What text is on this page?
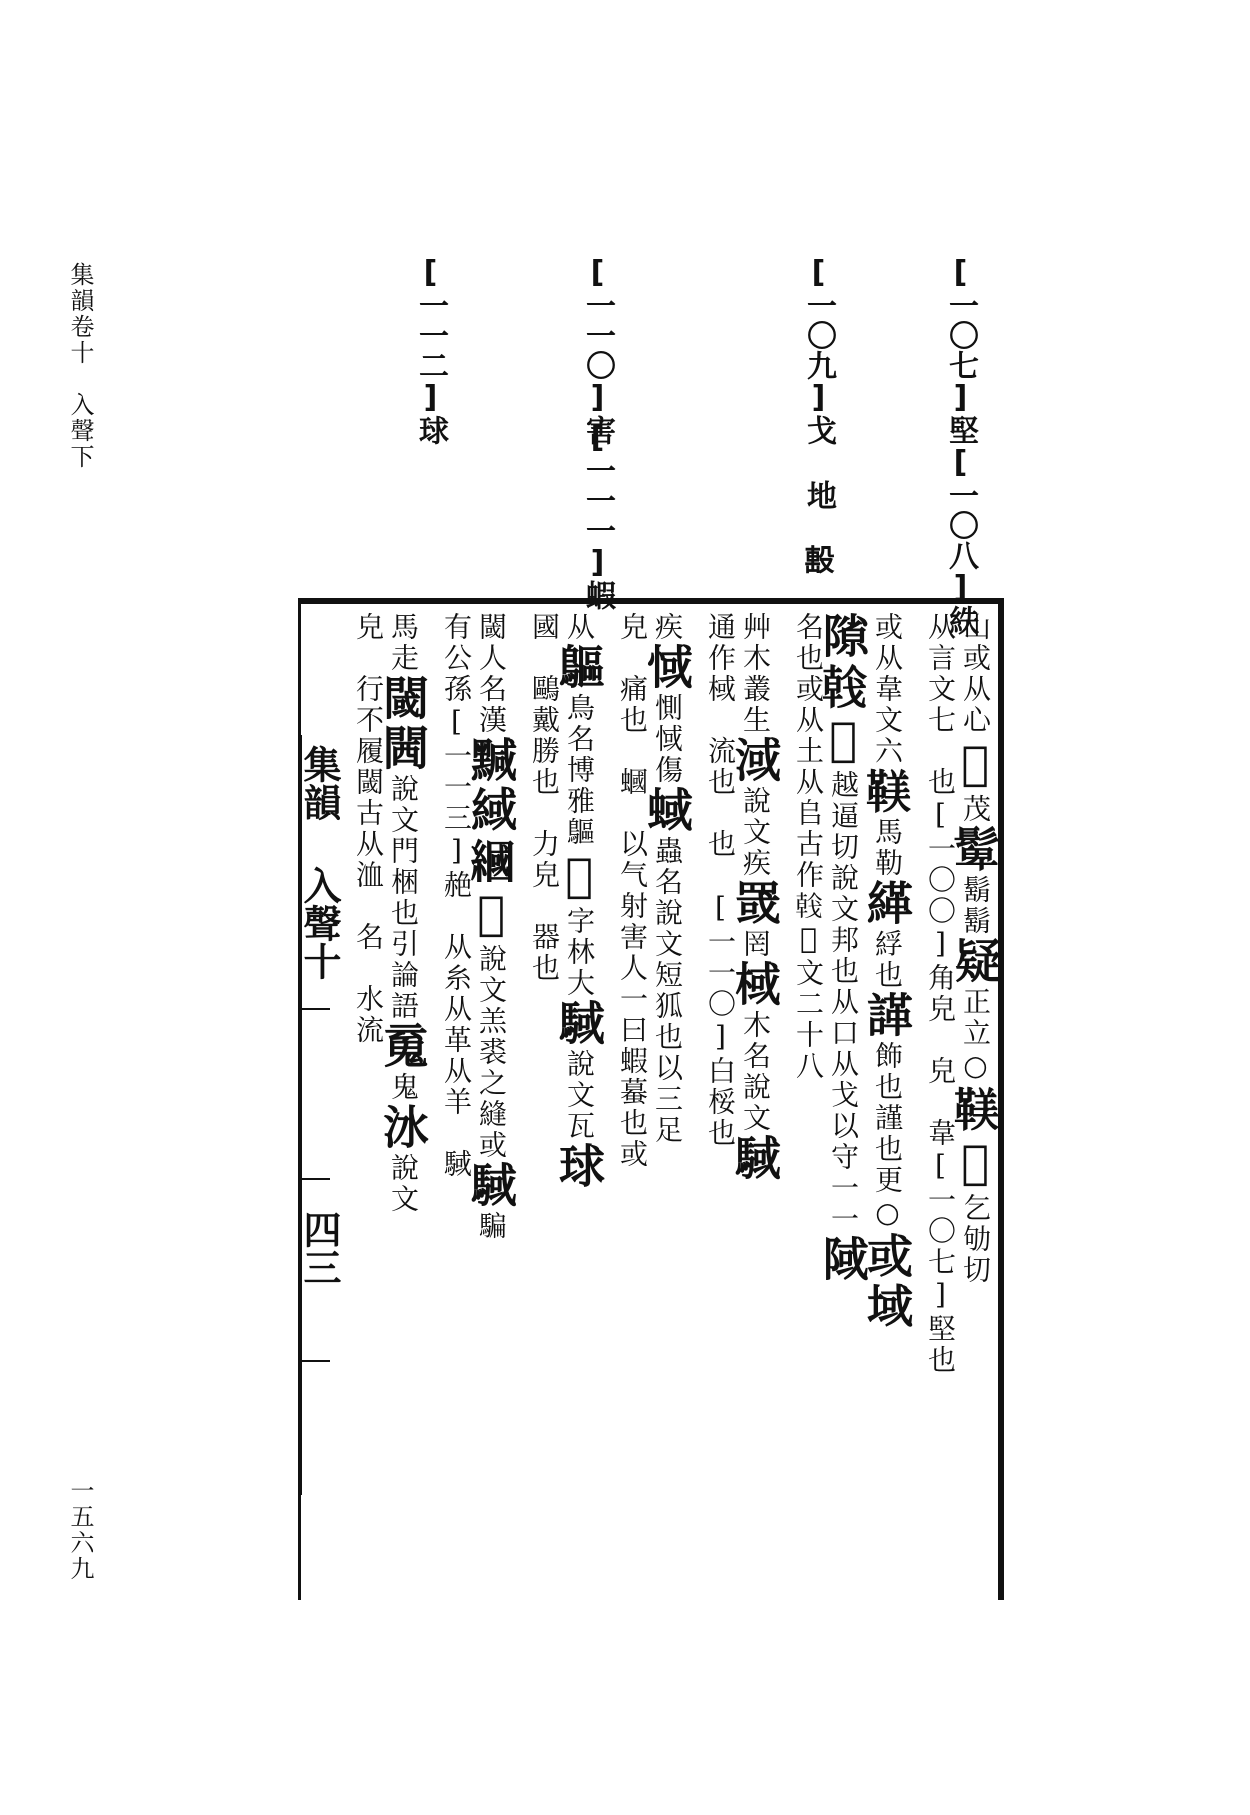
集韻卷十　入聲下
一五六九
[一〇七]堅[一〇八]紩
[一〇九]戈 地 𣪠
[一一〇]害
[一一一]蝦
[一一二]球
集韻 入聲十
四三
山或从心𧦽茂𩭧鬍鬍疑正立○𩋼𩎳乞劬切
从言文七　也[一〇〇]角皃　皃　韋[一〇七]堅也
或从韋文六𩋼馬勒緙綒也諽飾也謹也更○或域
𨻶𢧢𣣕越逼切說文邦也从口从戈以守一一䧕
名也或从土从𠂤古作𢧢𣣕文二十八
艸木叢生淢說文疾罭罔棫木名說文䮙
通作棫　流也　也　[一一〇]白桵也
疾惐惻惐傷蜮蟲名說文短狐也以三足
皃　痛也　蟈　以气射害人一曰蝦蟇也或
从䳼鳥名博雅䳼𡘢字林大䮙說文瓦球
國　鷗戴勝也　力皃　器也
閾人名漢黬緎𦄰𦄱說文羔裘之縫或䮙騙
有公孫[一一三]赩　从糸从革从羊　䮙
馬走閾閪說文門梱也引論語䰟鬼𣲙說文
皃　行不履閾古从洫　名　水流
